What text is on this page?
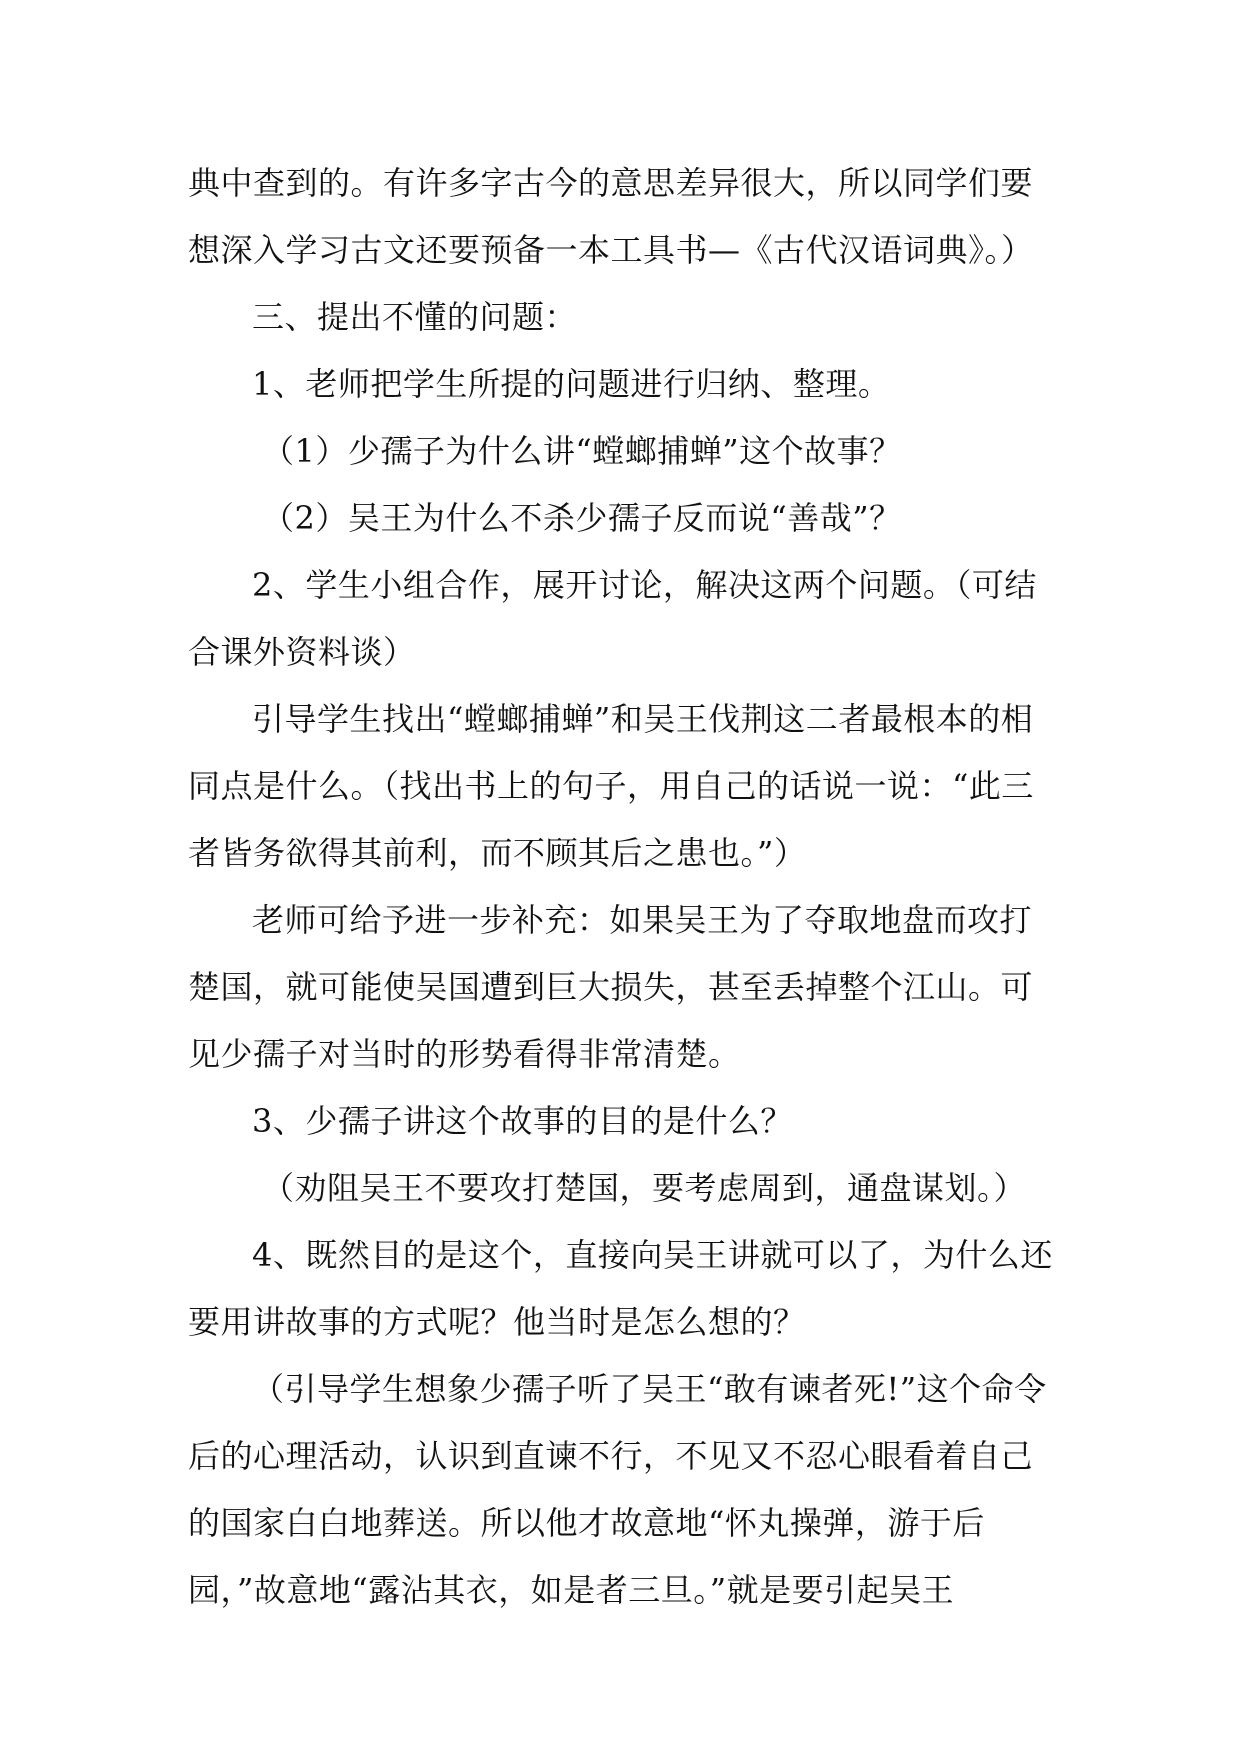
典中查到的。有许多字古今的意思差异很大，所以同学们要想深入学习古文还要预备一本工具书—《古代汉语词典》。）

三、提出不懂的问题：

1、老师把学生所提的问题进行归纳、整理。

（1）少孺子为什么讲“螳螂捕蝉”这个故事？

（2）吴王为什么不杀少孺子反而说“善哉”？

2、学生小组合作，展开讨论，解决这两个问题。（可结合课外资料谈）

引导学生找出“螳螂捕蝉”和吴王伐荆这二者最根本的相同点是什么。（找出书上的句子，用自己的话说一说：“此三者皆务欲得其前利，而不顾其后之患也。”）

老师可给予进一步补充：如果吴王为了夺取地盘而攻打楚国，就可能使吴国遭到巨大损失，甚至丢掉整个江山。可见少孺子对当时的形势看得非常清楚。

3、少孺子讲这个故事的目的是什么？

（劝阻吴王不要攻打楚国，要考虑周到，通盘谋划。）

4、既然目的是这个，直接向吴王讲就可以了，为什么还要用讲故事的方式呢？他当时是怎么想的？

（引导学生想象少孺子听了吴王“敢有谏者死!”这个命令后的心理活动，认识到直谏不行，不见又不忍心眼看着自己的国家白白地葬送。所以他才故意地“怀丸操弹，游于后园，”故意地“露沾其衣，如是者三旦。”就是要引起吴王
